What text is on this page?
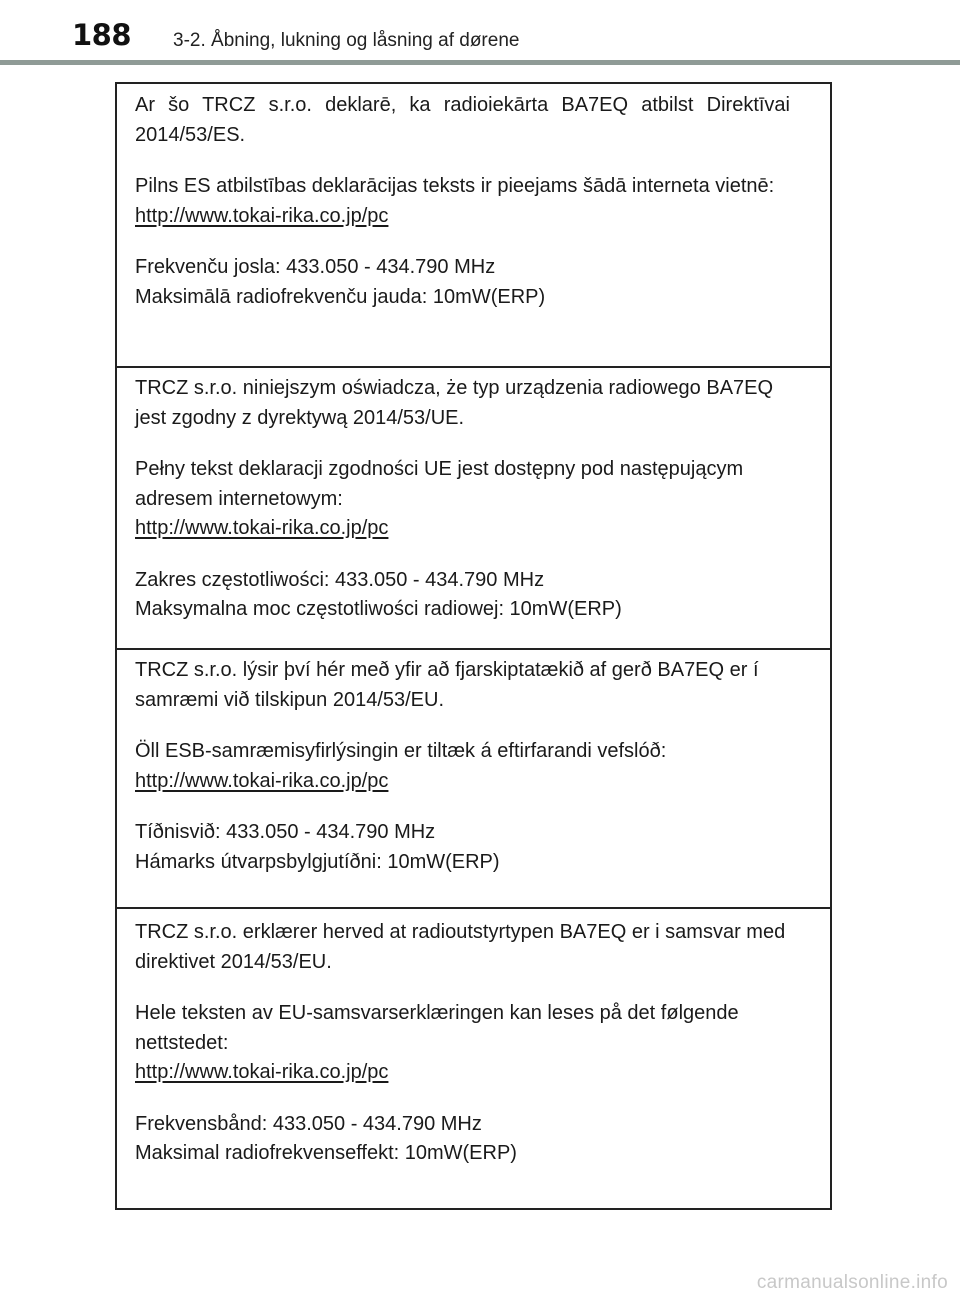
188 3-2. Åbning, lukning og låsning af dørene

Ar šo TRCZ s.r.o. deklarē, ka radioiekārta BA7EQ atbilst Direktīvai 2014/53/ES.

Pilns ES atbilstības deklarācijas teksts ir pieejams šādā interneta vietnē:

http://www.tokai-rika.co.jp/pc

Frekvenču josla: 433.050 - 434.790 MHz

Maksimālā radiofrekvenču jauda: 10mW(ERP)

TRCZ s.r.o. niniejszym oświadcza, że typ urządzenia radiowego BA7EQ jest zgodny z dyrektywą 2014/53/UE.

Pełny tekst deklaracji zgodności UE jest dostępny pod następującym adresem internetowym:

http://www.tokai-rika.co.jp/pc

Zakres częstotliwości: 433.050 - 434.790 MHz

Maksymalna moc częstotliwości radiowej: 10mW(ERP)

TRCZ s.r.o. lýsir því hér með yfir að fjarskiptatækið af gerð BA7EQ er í samræmi við tilskipun 2014/53/EU.

Öll ESB-samræmisyfirlýsingin er tiltæk á eftirfarandi vefslóð:

http://www.tokai-rika.co.jp/pc

Tíðnisvið: 433.050 - 434.790 MHz

Hámarks útvarpsbylgjutíðni: 10mW(ERP)

TRCZ s.r.o. erklærer herved at radioutstyrtypen BA7EQ er i samsvar med direktivet 2014/53/EU.

Hele teksten av EU-samsvarserklæringen kan leses på det følgende nettstedet:

http://www.tokai-rika.co.jp/pc

Frekvensbånd: 433.050 - 434.790 MHz

Maksimal radiofrekvenseffekt: 10mW(ERP)

carmanualsonline.info
